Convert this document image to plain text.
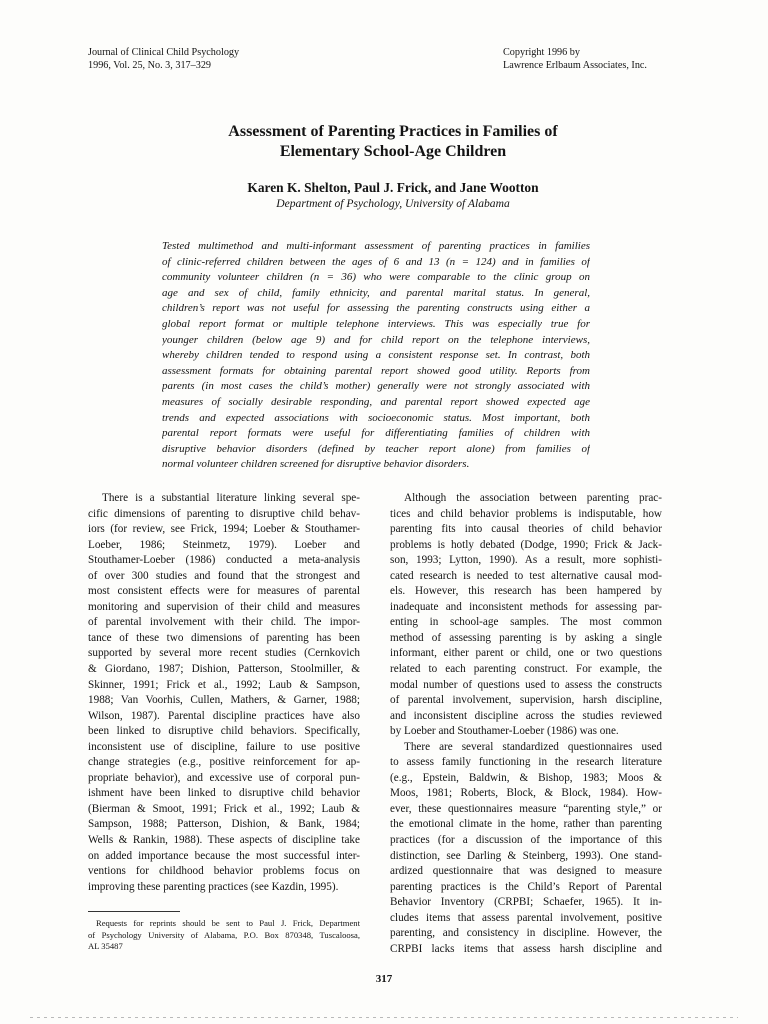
Journal of Clinical Child Psychology
1996, Vol. 25, No. 3, 317–329
Copyright 1996 by
Lawrence Erlbaum Associates, Inc.
Assessment of Parenting Practices in Families of
Elementary School-Age Children
Karen K. Shelton, Paul J. Frick, and Jane Wootton
Department of Psychology, University of Alabama
Tested multimethod and multi-informant assessment of parenting practices in families
of clinic-referred children between the ages of 6 and 13 (n = 124) and in families of
community volunteer children (n = 36) who were comparable to the clinic group on
age and sex of child, family ethnicity, and parental marital status. In general,
children’s report was not useful for assessing the parenting constructs using either a
global report format or multiple telephone interviews. This was especially true for
younger children (below age 9) and for child report on the telephone interviews,
whereby children tended to respond using a consistent response set. In contrast, both
assessment formats for obtaining parental report showed good utility. Reports from
parents (in most cases the child’s mother) generally were not strongly associated with
measures of socially desirable responding, and parental report showed expected age
trends and expected associations with socioeconomic status. Most important, both
parental report formats were useful for differentiating families of children with
disruptive behavior disorders (defined by teacher report alone) from families of
normal volunteer children screened for disruptive behavior disorders.
There is a substantial literature linking several spe-
cific dimensions of parenting to disruptive child behav-
iors (for review, see Frick, 1994; Loeber & Stouthamer-
Loeber, 1986; Steinmetz, 1979). Loeber and
Stouthamer-Loeber (1986) conducted a meta-analysis
of over 300 studies and found that the strongest and
most consistent effects were for measures of parental
monitoring and supervision of their child and measures
of parental involvement with their child. The impor-
tance of these two dimensions of parenting has been
supported by several more recent studies (Cernkovich
& Giordano, 1987; Dishion, Patterson, Stoolmiller, &
Skinner, 1991; Frick et al., 1992; Laub & Sampson,
1988; Van Voorhis, Cullen, Mathers, & Garner, 1988;
Wilson, 1987). Parental discipline practices have also
been linked to disruptive child behaviors. Specifically,
inconsistent use of discipline, failure to use positive
change strategies (e.g., positive reinforcement for ap-
propriate behavior), and excessive use of corporal pun-
ishment have been linked to disruptive child behavior
(Bierman & Smoot, 1991; Frick et al., 1992; Laub &
Sampson, 1988; Patterson, Dishion, & Bank, 1984;
Wells & Rankin, 1988). These aspects of discipline take
on added importance because the most successful inter-
ventions for childhood behavior problems focus on
improving these parenting practices (see Kazdin, 1995).
Although the association between parenting prac-
tices and child behavior problems is indisputable, how
parenting fits into causal theories of child behavior
problems is hotly debated (Dodge, 1990; Frick & Jack-
son, 1993; Lytton, 1990). As a result, more sophisti-
cated research is needed to test alternative causal mod-
els. However, this research has been hampered by
inadequate and inconsistent methods for assessing par-
enting in school-age samples. The most common
method of assessing parenting is by asking a single
informant, either parent or child, one or two questions
related to each parenting construct. For example, the
modal number of questions used to assess the constructs
of parental involvement, supervision, harsh discipline,
and inconsistent discipline across the studies reviewed
by Loeber and Stouthamer-Loeber (1986) was one.
There are several standardized questionnaires used
to assess family functioning in the research literature
(e.g., Epstein, Baldwin, & Bishop, 1983; Moos &
Moos, 1981; Roberts, Block, & Block, 1984). How-
ever, these questionnaires measure “parenting style,” or
the emotional climate in the home, rather than parenting
practices (for a discussion of the importance of this
distinction, see Darling & Steinberg, 1993). One stand-
ardized questionnaire that was designed to measure
parenting practices is the Child’s Report of Parental
Behavior Inventory (CRPBI; Schaefer, 1965). It in-
cludes items that assess parental involvement, positive
parenting, and consistency in discipline. However, the
CRPBI lacks items that assess harsh discipline and
Requests for reprints should be sent to Paul J. Frick, Department
of Psychology University of Alabama, P.O. Box 870348, Tuscaloosa,
AL 35487
317
